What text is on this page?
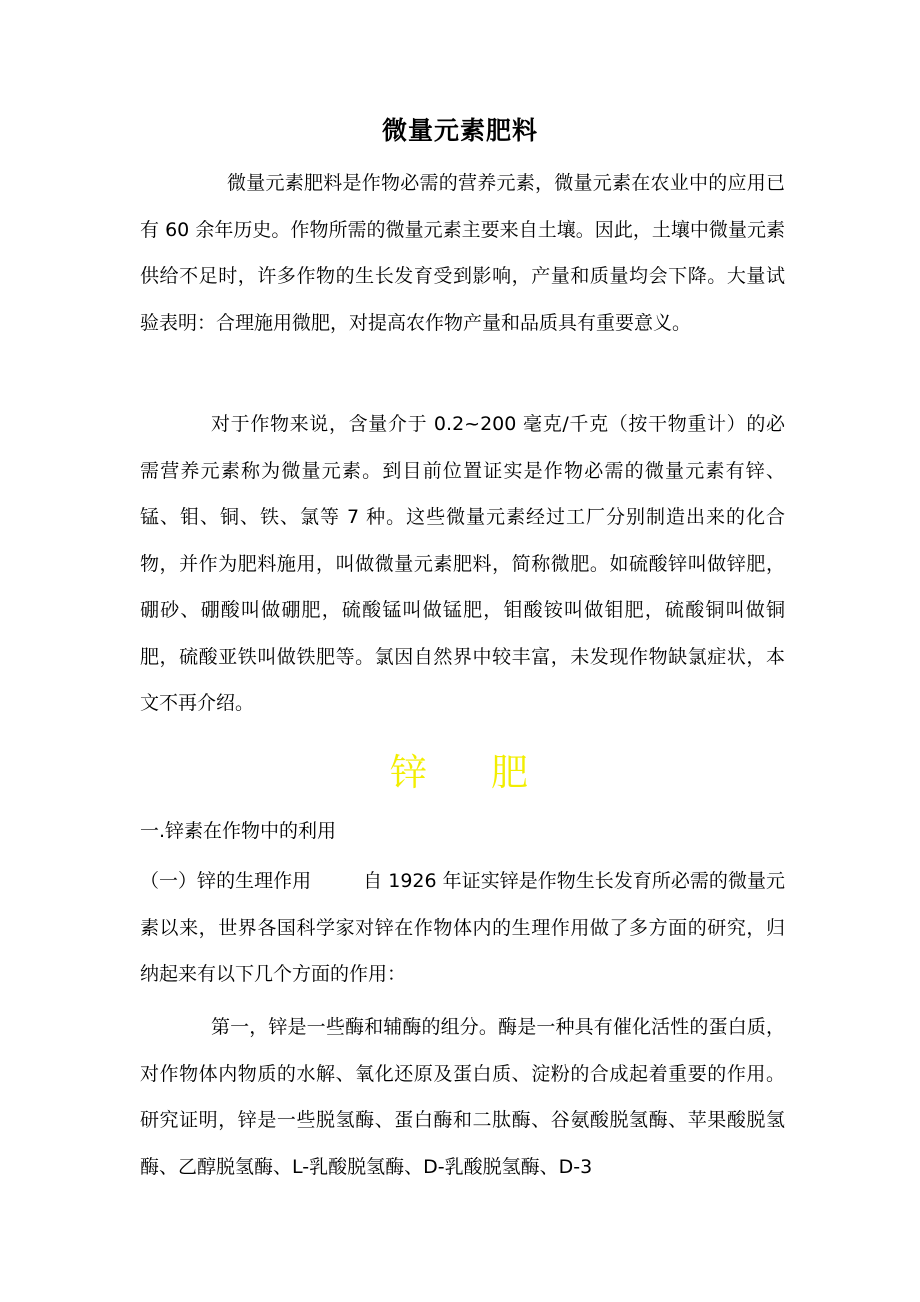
微量元素肥料

微量元素肥料是作物必需的营养元素，微量元素在农业中的应用已有 60 余年历史。作物所需的微量元素主要来自土壤。因此，土壤中微量元素供给不足时，许多作物的生长发育受到影响，产量和质量均会下降。大量试验表明：合理施用微肥，对提高农作物产量和品质具有重要意义。

对于作物来说，含量介于 0.2~200 毫克/千克（按干物重计）的必需营养元素称为微量元素。到目前位置证实是作物必需的微量元素有锌、锰、钼、铜、铁、氯等 7 种。这些微量元素经过工厂分别制造出来的化合物，并作为肥料施用，叫做微量元素肥料，简称微肥。如硫酸锌叫做锌肥，硼砂、硼酸叫做硼肥，硫酸锰叫做锰肥，钼酸铵叫做钼肥，硫酸铜叫做铜肥，硫酸亚铁叫做铁肥等。氯因自然界中较丰富，未发现作物缺氯症状，本文不再介绍。

锌 肥
一.锌素在作物中的利用

（一）锌的生理作用	自 1926 年证实锌是作物生长发育所必需的微量元素以来，世界各国科学家对锌在作物体内的生理作用做了多方面的研究，归纳起来有以下几个方面的作用：

第一，锌是一些酶和辅酶的组分。酶是一种具有催化活性的蛋白质，对作物体内物质的水解、氧化还原及蛋白质、淀粉的合成起着重要的作用。研究证明，锌是一些脱氢酶、蛋白酶和二肽酶、谷氨酸脱氢酶、苹果酸脱氢酶、乙醇脱氢酶、L-乳酸脱氢酶、D-乳酸脱氢酶、D-3
